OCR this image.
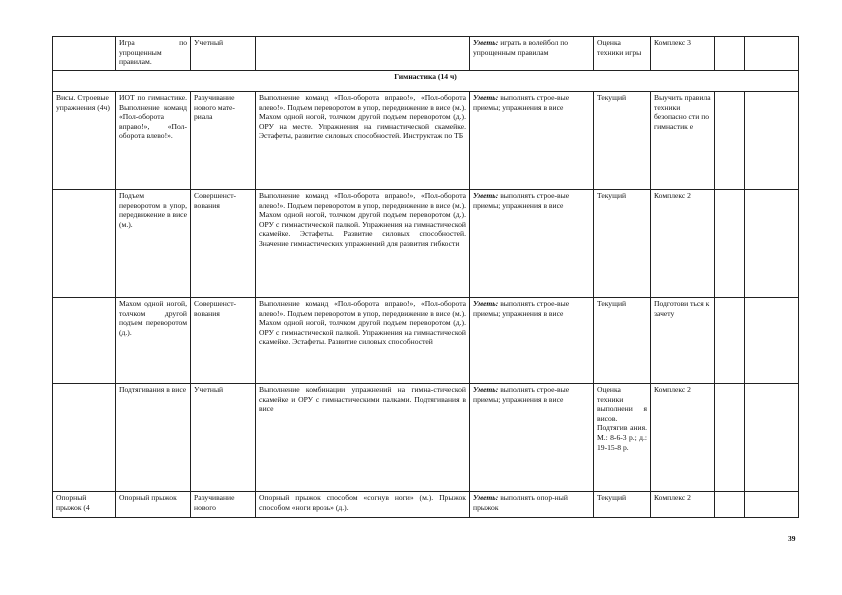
	Игра по упрощенным правилам.	Учетный		Уметь: играть в волейбол по упрощенным правилам	Оценка техники игры	Комплекс 3		
Гимнастика (14 ч)								
Виcы. Строевые упражнения (4ч)	ИОТ по гимнастике. Выполнение команд «Пол-оборота вправо!», «Пол-оборота влево!».	Разучивание нового мате-риала	Выполнение команд «Пол-оборота вправо!», «Пол-оборота влево!». Подъем переворотом в упор, передвижение в висе (м.). Махом одной ногой, толчком другой подъем переворотом (д.). ОРУ на месте. Упражнения на гимнастической скамейке. Эстафеты, развитие силовых способностей. Инструктаж по ТБ	Уметь: выполнять строе-вые приемы; упражнения в висе	Текущий	Выучить правила техники безопасно сти по гимнастик е		
	Подъем переворотом в упор, передвижение в висе (м.).	Совершенст-вования	Выполнение команд «Пол-оборота вправо!», «Пол-оборота влево!». Подъем переворотом в упор, передвижение в висе (м.). Махом одной ногой, толчком другой подъем переворотом (д.). ОРУ с гимнастической палкой. Упражнения на гимнастической скамейке. Эстафеты. Развитие силовых способностей. Значение гимнастических упражнений для развития гибкости	Уметь: выполнять строе-вые приемы; упражнения в висе	Текущий	Комплекс 2		
	Махом одной ногой, толчком другой подъем переворотом (д.).	Совершенст-вования	Выполнение команд «Пол-оборота вправо!», «Пол-оборота влево!». Подъем переворотом в упор, передвижение в висе (м.). Махом одной ногой, толчком другой подъем переворотом (д.). ОРУ с гимнастической палкой. Упражнения на гимнастической скамейке. Эстафеты. Развитие силовых способностей	Уметь: выполнять строе-вые приемы; упражнения в висе	Текущий	Подготови ться к зачету		
	Подтягивания в висе	Учетный	Выполнение комбинации упражнений на гимна-стической скамейке и ОРУ с гимнастическими палками. Подтягивания в висе	Уметь: выполнять строе-вые приемы; упражнения в висе	Оценка техники выполнени я висов. Подтягив ания. М.: 8-6-3 р.; д.: 19-15-8 р.	Комплекс 2		
Опорный прыжок (4	Опорный прыжок	Разучивание нового	Опорный прыжок способом «согнув ноги» (м.). Прыжок способом «ноги врозь» (д.).	Уметь: выполнять опор-ный прыжок	Текущий	Комплекс 2		
39
